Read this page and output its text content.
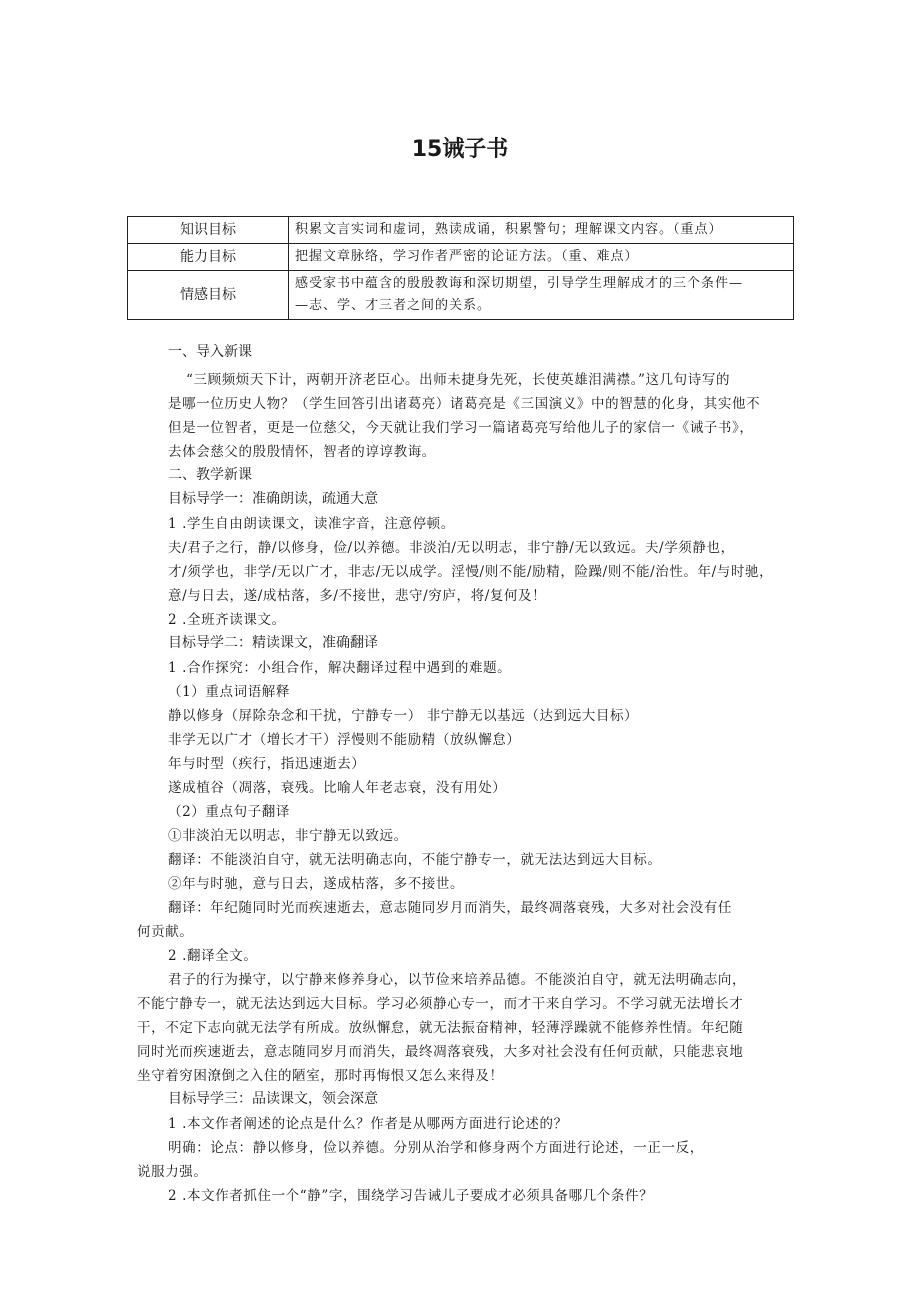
15诫子书
知识目标	积累文言实词和虚词，熟读成诵，积累警句；理解课文内容。（重点）
能力目标	把握文章脉络，学习作者严密的论证方法。（重、难点）
情感目标	感受家书中蕴含的殷殷教诲和深切期望，引导学生理解成才的三个条件—
—志、学、才三者之间的关系。
一、导入新课
“三顾频烦天下计，两朝开济老臣心。出师未捷身先死，长使英雄泪满襟。”这几句诗写的
是哪一位历史人物？（学生回答引出诸葛亮）诸葛亮是《三国演义》中的智慧的化身，其实他不
但是一位智者，更是一位慈父，今天就让我们学习一篇诸葛亮写给他儿子的家信一《诫子书》，
去体会慈父的殷殷情怀，智者的谆谆教诲。
二、教学新课
目标导学一：准确朗读，疏通大意
1 .学生自由朗读课文，读准字音，注意停顿。
夫/君子之行，静/以修身，俭/以养德。非淡泊/无以明志，非宁静/无以致远。夫/学须静也，
才/须学也，非学/无以广才，非志/无以成学。淫慢/则不能/励精，险躁/则不能/治性。年/与时驰，
意/与日去，遂/成枯落，多/不接世，悲守/穷庐，将/复何及！
2 .全班齐读课文。
目标导学二：精读课文，准确翻译
1 .合作探究：小组合作，解决翻译过程中遇到的难题。
（1）重点词语解释
静以修身（屏除杂念和干扰，宁静专一） 非宁静无以基远（达到远大目标）
非学无以广才（增长才干）浮慢则不能励精（放纵懈怠）
年与时型（疾行，指迅速逝去）
遂成植谷（凋落，衰残。比喻人年老志衰，没有用处）
（2）重点句子翻译
①非淡泊无以明志，非宁静无以致远。
翻译：不能淡泊自守，就无法明确志向，不能宁静专一，就无法达到远大目标。
②年与时驰，意与日去，遂成枯落，多不接世。
翻译：年纪随同时光而疾速逝去，意志随同岁月而消失，最终凋落衰残，大多对社会没有任
何贡献。
2 .翻译全文。
君子的行为操守，以宁静来修养身心，以节俭来培养品德。不能淡泊自守，就无法明确志向，
不能宁静专一，就无法达到远大目标。学习必须静心专一，而才干来自学习。不学习就无法增长才
干，不定下志向就无法学有所成。放纵懈怠，就无法振奋精神，轻薄浮躁就不能修养性情。年纪随
同时光而疾速逝去，意志随同岁月而消失，最终凋落衰残，大多对社会没有任何贡献，只能悲哀地
坐守着穷困潦倒之入住的陋室，那时再悔恨又怎么来得及！
目标导学三：品读课文，领会深意
1 .本文作者阐述的论点是什么？作者是从哪两方面进行论述的？
明确：论点：静以修身，俭以养德。分别从治学和修身两个方面进行论述，一正一反，
说服力强。
2 .本文作者抓住一个“静”字，围绕学习告诫儿子要成才必须具备哪几个条件？
